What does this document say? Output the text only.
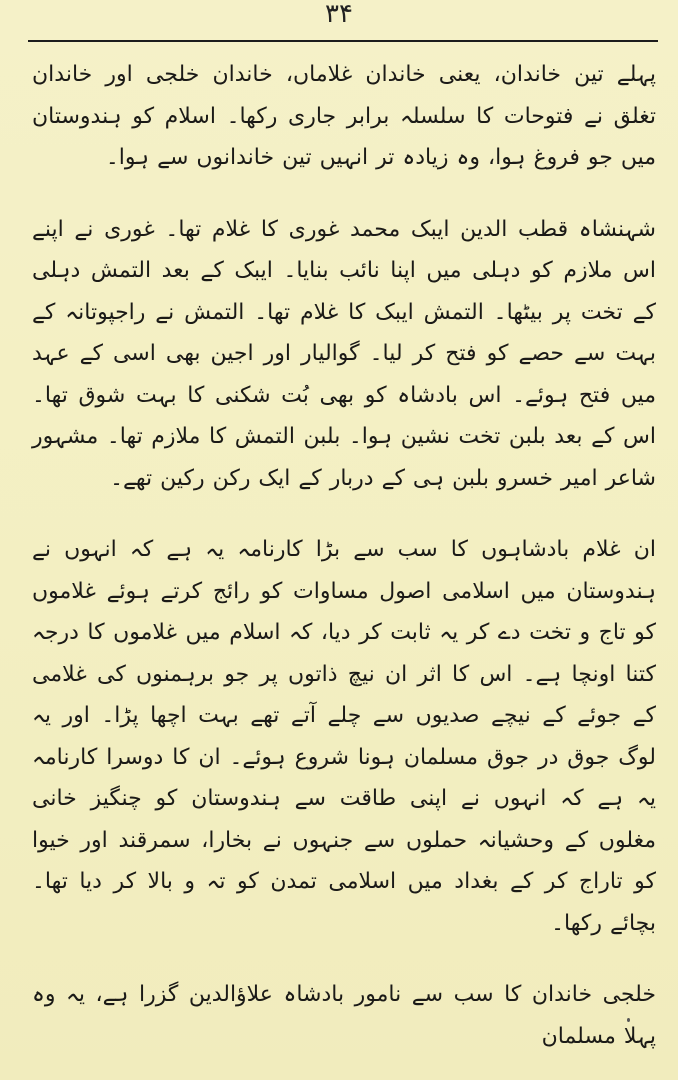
۳۴

پہلے تین خاندان، یعنی خاندان غلاماں، خاندان خلجی اور خاندان تغلق نے فتوحات کا سلسلہ برابر جاری رکھا۔ اسلام کو ہندوستان میں جو فروغ ہوا، وہ زیادہ تر انہیں تین خاندانوں سے ہوا۔

شہنشاہ قطب الدین ایبک محمد غوری کا غلام تھا۔ غوری نے اپنے اس ملازم کو دہلی میں اپنا نائب بنایا۔ ایبک کے بعد التمش دہلی کے تخت پر بیٹھا۔ التمش ایبک کا غلام تھا۔ التمش نے راجپوتانہ کے بہت سے حصے کو فتح کر لیا۔ گوالیار اور اجین بھی اسی کے عہد میں فتح ہوئے۔ اس بادشاہ کو بھی بُت شکنی کا بہت شوق تھا۔ اس کے بعد بلبن تخت نشین ہوا۔ بلبن التمش کا ملازم تھا۔ مشہور شاعر امیر خسرو بلبن ہی کے دربار کے ایک رکن رکین تھے۔

ان غلام بادشاہوں کا سب سے بڑا کارنامہ یہ ہے کہ انہوں نے ہندوستان میں اسلامی اصول مساوات کو رائج کرتے ہوئے غلاموں کو تاج و تخت دے کر یہ ثابت کر دیا، کہ اسلام میں غلاموں کا درجہ کتنا اونچا ہے۔ اس کا اثر ان نیچ ذاتوں پر جو برہمنوں کی غلامی کے جوئے کے نیچے صدیوں سے چلے آتے تھے بہت اچھا پڑا۔ اور یہ لوگ جوق در جوق مسلمان ہونا شروع ہوئے۔ ان کا دوسرا کارنامہ یہ ہے کہ انہوں نے اپنی طاقت سے ہندوستان کو چنگیز خانی مغلوں کے وحشیانہ حملوں سے جنہوں نے بخارا، سمرقند اور خیوا کو تاراج کر کے بغداد میں اسلامی تمدن کو تہ و بالا کر دیا تھا۔ بچائے رکھا۔

خلجی خاندان کا سب سے نامور بادشاہ علاؤالدین گزرا ہے، یہ وہ پہلا مسلمان
